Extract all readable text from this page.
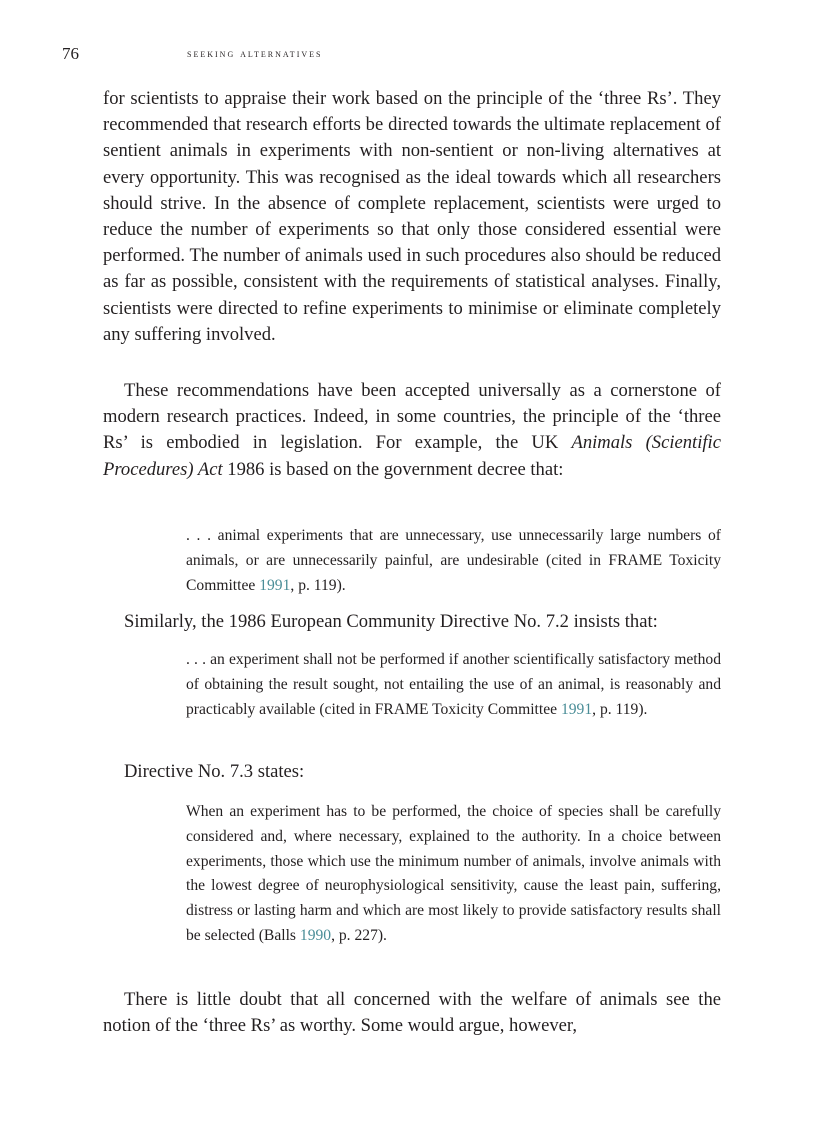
76	seeking alternatives

for scientists to appraise their work based on the principle of the ‘three Rs’. They recommended that research efforts be directed towards the ultimate replacement of sentient animals in experiments with non-sentient or non-living alternatives at every opportunity. This was recognised as the ideal towards which all researchers should strive. In the absence of complete replacement, scientists were urged to reduce the number of experiments so that only those considered essential were performed. The number of animals used in such procedures also should be reduced as far as possible, consistent with the requirements of statistical analyses. Finally, scientists were directed to refine experiments to minimise or eliminate completely any suffering involved.

These recommendations have been accepted universally as a cornerstone of modern research practices. Indeed, in some countries, the principle of the ‘three Rs’ is embodied in legislation. For example, the UK Animals (Scientific Procedures) Act 1986 is based on the government decree that:

. . . animal experiments that are unnecessary, use unnecessarily large numbers of animals, or are unnecessarily painful, are undesirable (cited in FRAME Toxicity Committee 1991, p. 119).

Similarly, the 1986 European Community Directive No. 7.2 insists that:

. . . an experiment shall not be performed if another scientifically satisfactory method of obtaining the result sought, not entailing the use of an animal, is reasonably and practicably available (cited in FRAME Toxicity Committee 1991, p. 119).

Directive No. 7.3 states:

When an experiment has to be performed, the choice of species shall be carefully considered and, where necessary, explained to the authority. In a choice between experiments, those which use the minimum number of animals, involve animals with the lowest degree of neurophysiological sensitivity, cause the least pain, suffering, distress or lasting harm and which are most likely to provide satisfactory results shall be selected (Balls 1990, p. 227).

There is little doubt that all concerned with the welfare of animals see the notion of the ‘three Rs’ as worthy. Some would argue, however,
